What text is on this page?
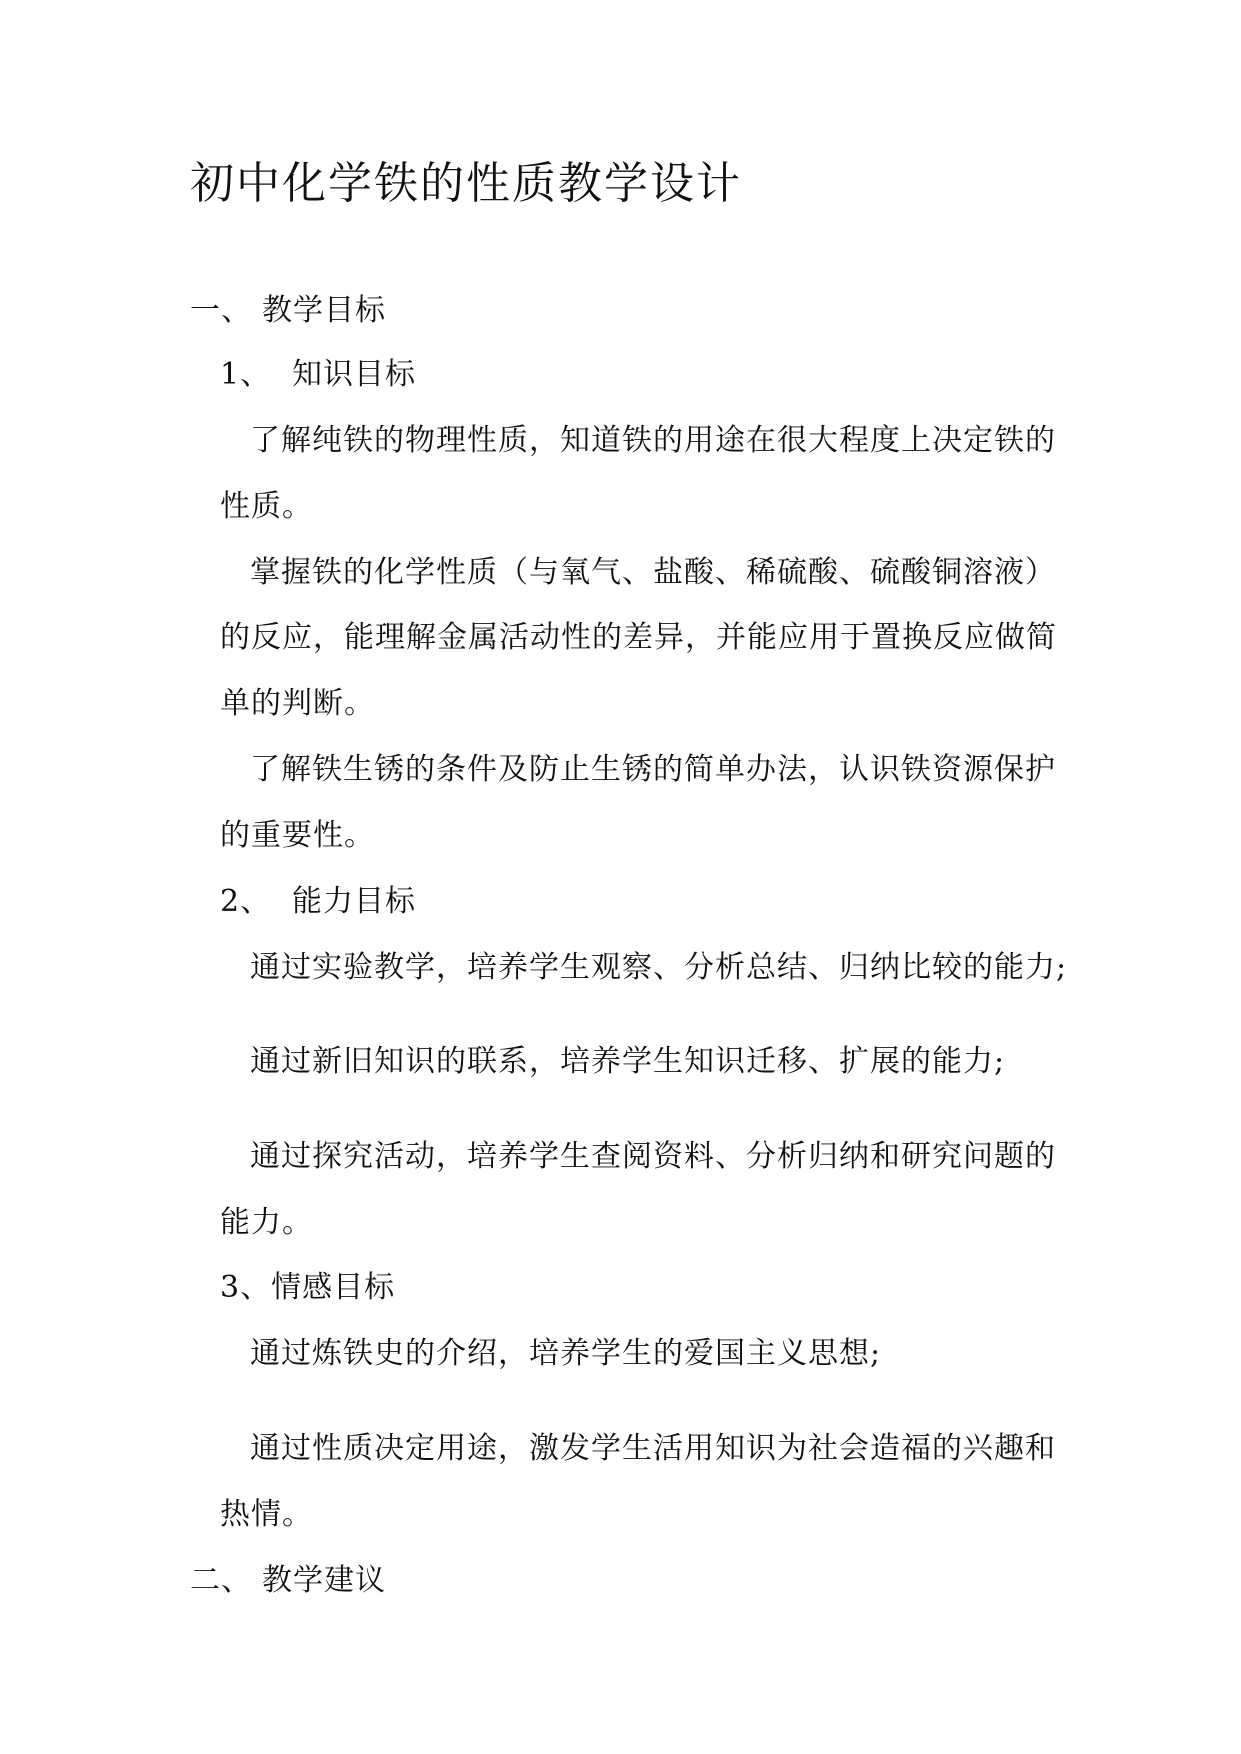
初中化学铁的性质教学设计
一、 教学目标
1、 知识目标
了解纯铁的物理性质，知道铁的用途在很大程度上决定铁的
性质。
掌握铁的化学性质（与氧气、盐酸、稀硫酸、硫酸铜溶液）
的反应，能理解金属活动性的差异，并能应用于置换反应做简
单的判断。
了解铁生锈的条件及防止生锈的简单办法，认识铁资源保护
的重要性。
2、 能力目标
通过实验教学，培养学生观察、分析总结、归纳比较的能力;
通过新旧知识的联系，培养学生知识迁移、扩展的能力;
通过探究活动，培养学生查阅资料、分析归纳和研究问题的
能力。
3、情感目标
通过炼铁史的介绍，培养学生的爱国主义思想;
通过性质决定用途，激发学生活用知识为社会造福的兴趣和
热情。
二、 教学建议
